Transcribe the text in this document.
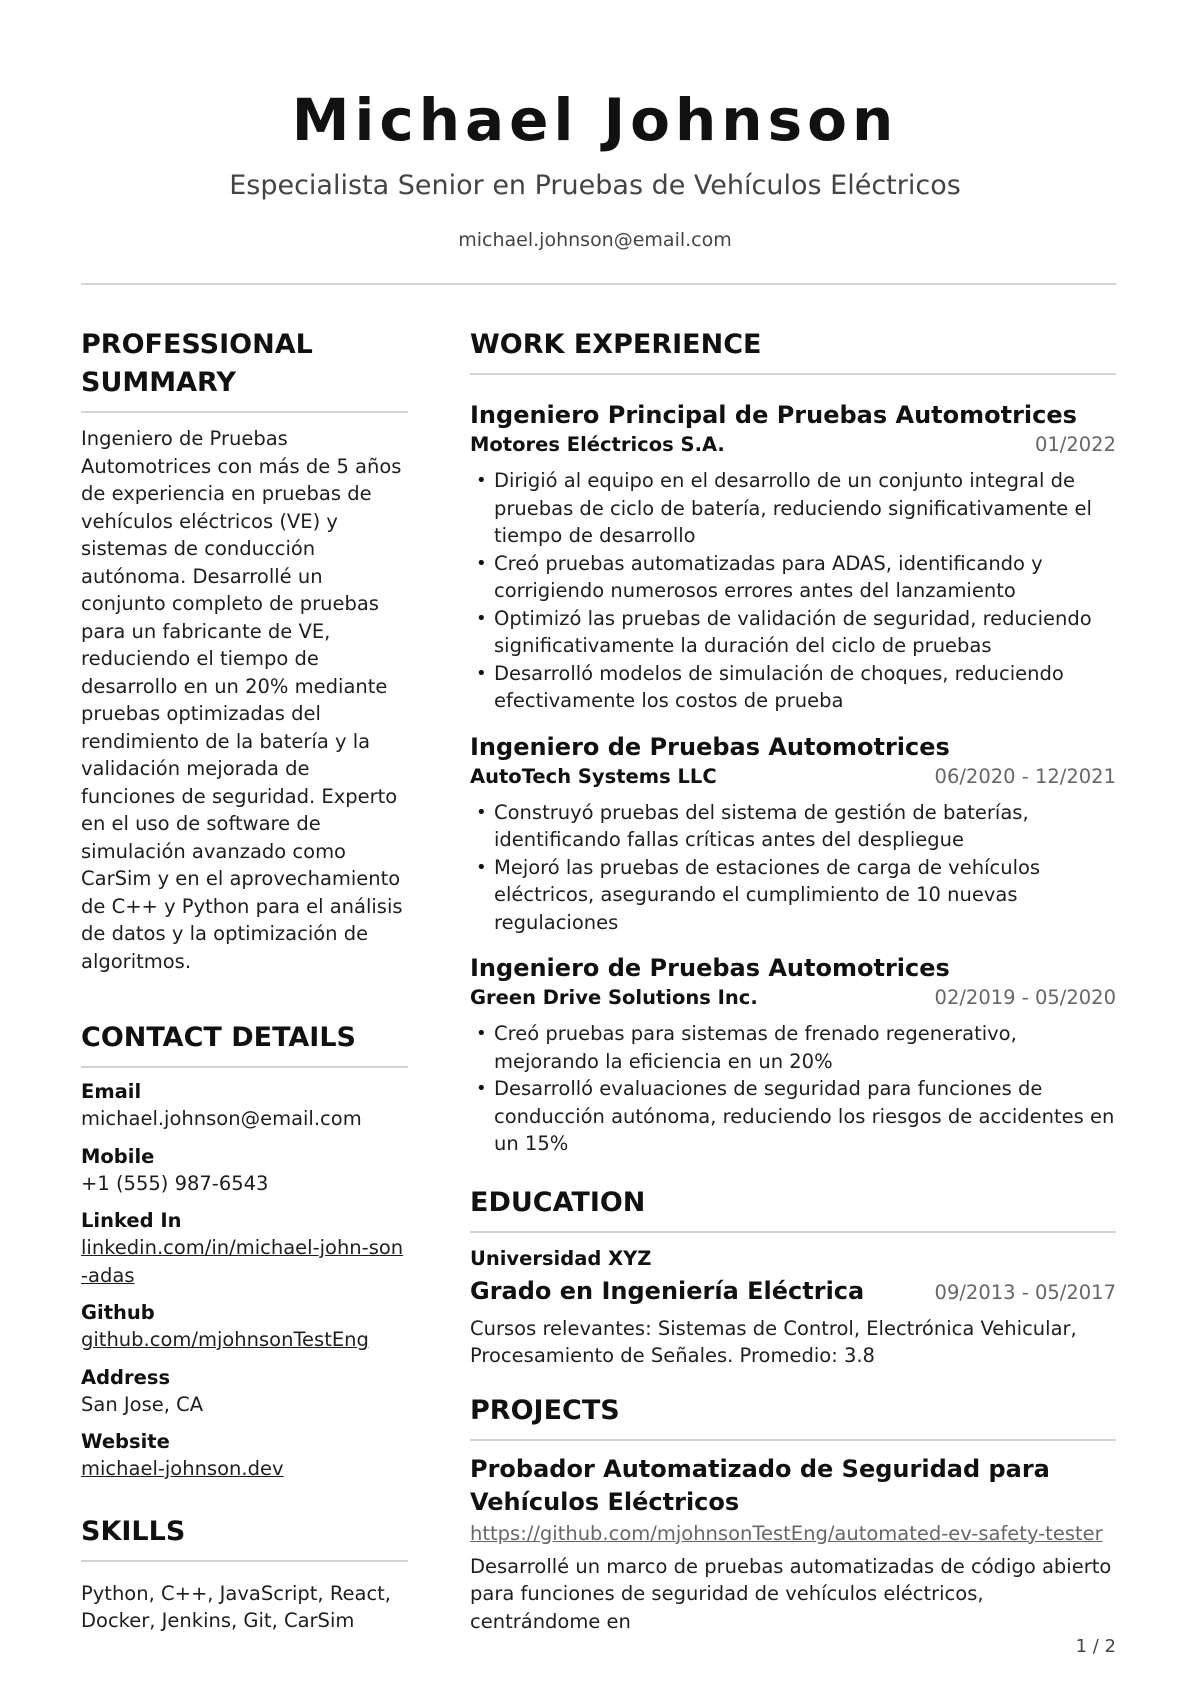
Michael Johnson
Especialista Senior en Pruebas de Vehículos Eléctricos
michael.johnson@email.com
PROFESSIONAL SUMMARY
Ingeniero de Pruebas Automotrices con más de 5 años de experiencia en pruebas de vehículos eléctricos (VE) y sistemas de conducción autónoma. Desarrollé un conjunto completo de pruebas para un fabricante de VE, reduciendo el tiempo de desarrollo en un 20% mediante pruebas optimizadas del rendimiento de la batería y la validación mejorada de funciones de seguridad. Experto en el uso de software de simulación avanzado como CarSim y en el aprovechamiento de C++ y Python para el análisis de datos y la optimización de algoritmos.
CONTACT DETAILS
Email
michael.johnson@email.com
Mobile
+1 (555) 987-6543
Linked In
linkedin.com/in/michael-john-son-adas
Github
github.com/mjohnsonTestEng
Address
San Jose, CA
Website
michael-johnson.dev
SKILLS
Python, C++, JavaScript, React, Docker, Jenkins, Git, CarSim
WORK EXPERIENCE
Ingeniero Principal de Pruebas Automotrices
Motores Eléctricos S.A.	01/2022
• Dirigió al equipo en el desarrollo de un conjunto integral de pruebas de ciclo de batería, reduciendo significativamente el tiempo de desarrollo
• Creó pruebas automatizadas para ADAS, identificando y corrigiendo numerosos errores antes del lanzamiento
• Optimizó las pruebas de validación de seguridad, reduciendo significativamente la duración del ciclo de pruebas
• Desarrolló modelos de simulación de choques, reduciendo efectivamente los costos de prueba
Ingeniero de Pruebas Automotrices
AutoTech Systems LLC	06/2020 - 12/2021
• Construyó pruebas del sistema de gestión de baterías, identificando fallas críticas antes del despliegue
• Mejoró las pruebas de estaciones de carga de vehículos eléctricos, asegurando el cumplimiento de 10 nuevas regulaciones
Ingeniero de Pruebas Automotrices
Green Drive Solutions Inc.	02/2019 - 05/2020
• Creó pruebas para sistemas de frenado regenerativo, mejorando la eficiencia en un 20%
• Desarrolló evaluaciones de seguridad para funciones de conducción autónoma, reduciendo los riesgos de accidentes en un 15%
EDUCATION
Universidad XYZ
Grado en Ingeniería Eléctrica	09/2013 - 05/2017
Cursos relevantes: Sistemas de Control, Electrónica Vehicular, Procesamiento de Señales. Promedio: 3.8
PROJECTS
Probador Automatizado de Seguridad para Vehículos Eléctricos
https://github.com/mjohnsonTestEng/automated-ev-safety-tester
Desarrollé un marco de pruebas automatizadas de código abierto para funciones de seguridad de vehículos eléctricos, centrándome en
1 / 2
